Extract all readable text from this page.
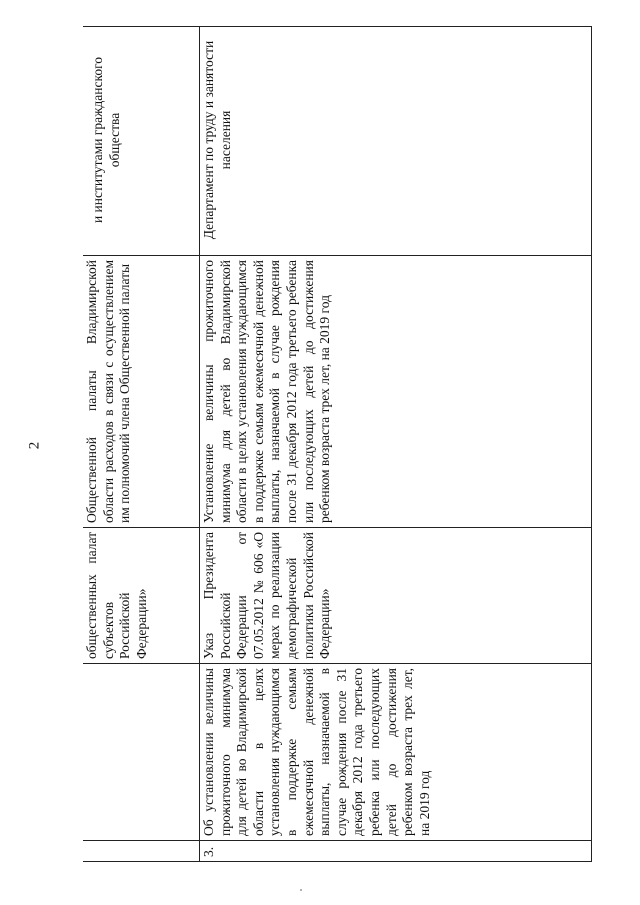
2
общественных палат субъектов Российской Федерации»
Общественной палаты Владимирской области расходов в связи с осуществлением им полномочий члена Общественной палаты
и институтами гражданского общества
3.
Об установлении величины прожиточного минимума для детей во Владимирской области в целях установления нуждающимся в поддержке семьям ежемесячной денежной выплаты, назначаемой в случае рождения после 31 декабря 2012 года третьего ребенка или последующих детей до достижения ребенком возраста трех лет, на 2019 год
Указ Президента Российской Федерации от 07.05.2012 № 606 «О мерах по реализации демографической политики Российской Федерации»
Установление величины прожиточного минимума для детей во Владимирской области в целях установления нуждающимся в поддержке семьям ежемесячной денежной выплаты, назначаемой в случае рождения после 31 декабря 2012 года третьего ребенка или последующих детей до достижения ребенком возраста трех лет, на 2019 год
Департамент по труду и занятости населения
